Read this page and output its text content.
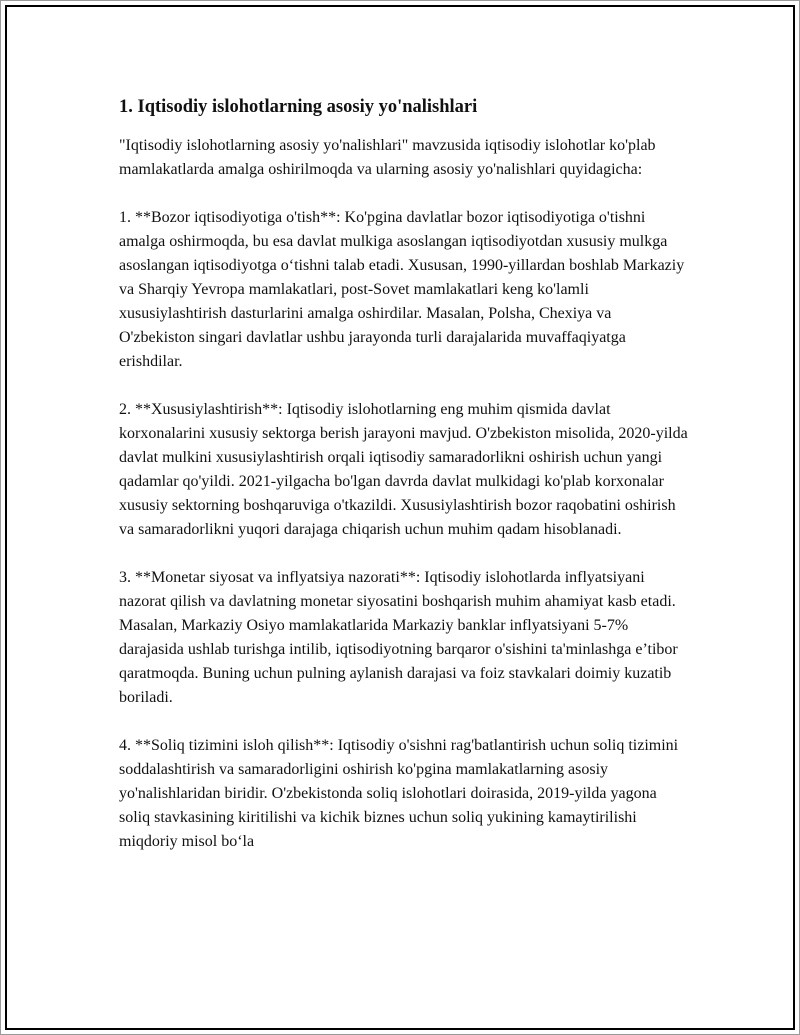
1. Iqtisodiy islohotlarning asosiy yo'nalishlari

"Iqtisodiy islohotlarning asosiy yo'nalishlari" mavzusida iqtisodiy islohotlar ko'plab mamlakatlarda amalga oshirilmoqda va ularning asosiy yo'nalishlari quyidagicha:

1. **Bozor iqtisodiyotiga o'tish**: Ko'pgina davlatlar bozor iqtisodiyotiga o'tishni amalga oshirmoqda, bu esa davlat mulkiga asoslangan iqtisodiyotdan xususiy mulkga asoslangan iqtisodiyotga o‘tishni talab etadi. Xususan, 1990-yillardan boshlab Markaziy va Sharqiy Yevropa mamlakatlari, post-Sovet mamlakatlari keng ko'lamli xususiylashtirish dasturlarini amalga oshirdilar. Masalan, Polsha, Chexiya va O'zbekiston singari davlatlar ushbu jarayonda turli darajalarida muvaffaqiyatga erishdilar.

2. **Xususiylashtirish**: Iqtisodiy islohotlarning eng muhim qismida davlat korxonalarini xususiy sektorga berish jarayoni mavjud. O'zbekiston misolida, 2020-yilda davlat mulkini xususiylashtirish orqali iqtisodiy samaradorlikni oshirish uchun yangi qadamlar qo'yildi. 2021-yilgacha bo'lgan davrda davlat mulkidagi ko'plab korxonalar xususiy sektorning boshqaruviga o'tkazildi. Xususiylashtirish bozor raqobatini oshirish va samaradorlikni yuqori darajaga chiqarish uchun muhim qadam hisoblanadi.

3. **Monetar siyosat va inflyatsiya nazorati**: Iqtisodiy islohotlarda inflyatsiyani nazorat qilish va davlatning monetar siyosatini boshqarish muhim ahamiyat kasb etadi. Masalan, Markaziy Osiyo mamlakatlarida Markaziy banklar inflyatsiyani 5-7% darajasida ushlab turishga intilib, iqtisodiyotning barqaror o'sishini ta'minlashga e’tibor qaratmoqda. Buning uchun pulning aylanish darajasi va foiz stavkalari doimiy kuzatib boriladi.

4. **Soliq tizimini isloh qilish**: Iqtisodiy o'sishni rag'batlantirish uchun soliq tizimini soddalashtirish va samaradorligini oshirish ko'pgina mamlakatlarning asosiy yo'nalishlaridan biridir. O'zbekistonda soliq islohotlari doirasida, 2019-yilda yagona soliq stavkasining kiritilishi va kichik biznes uchun soliq yukining kamaytirilishi miqdoriy misol bo‘la
